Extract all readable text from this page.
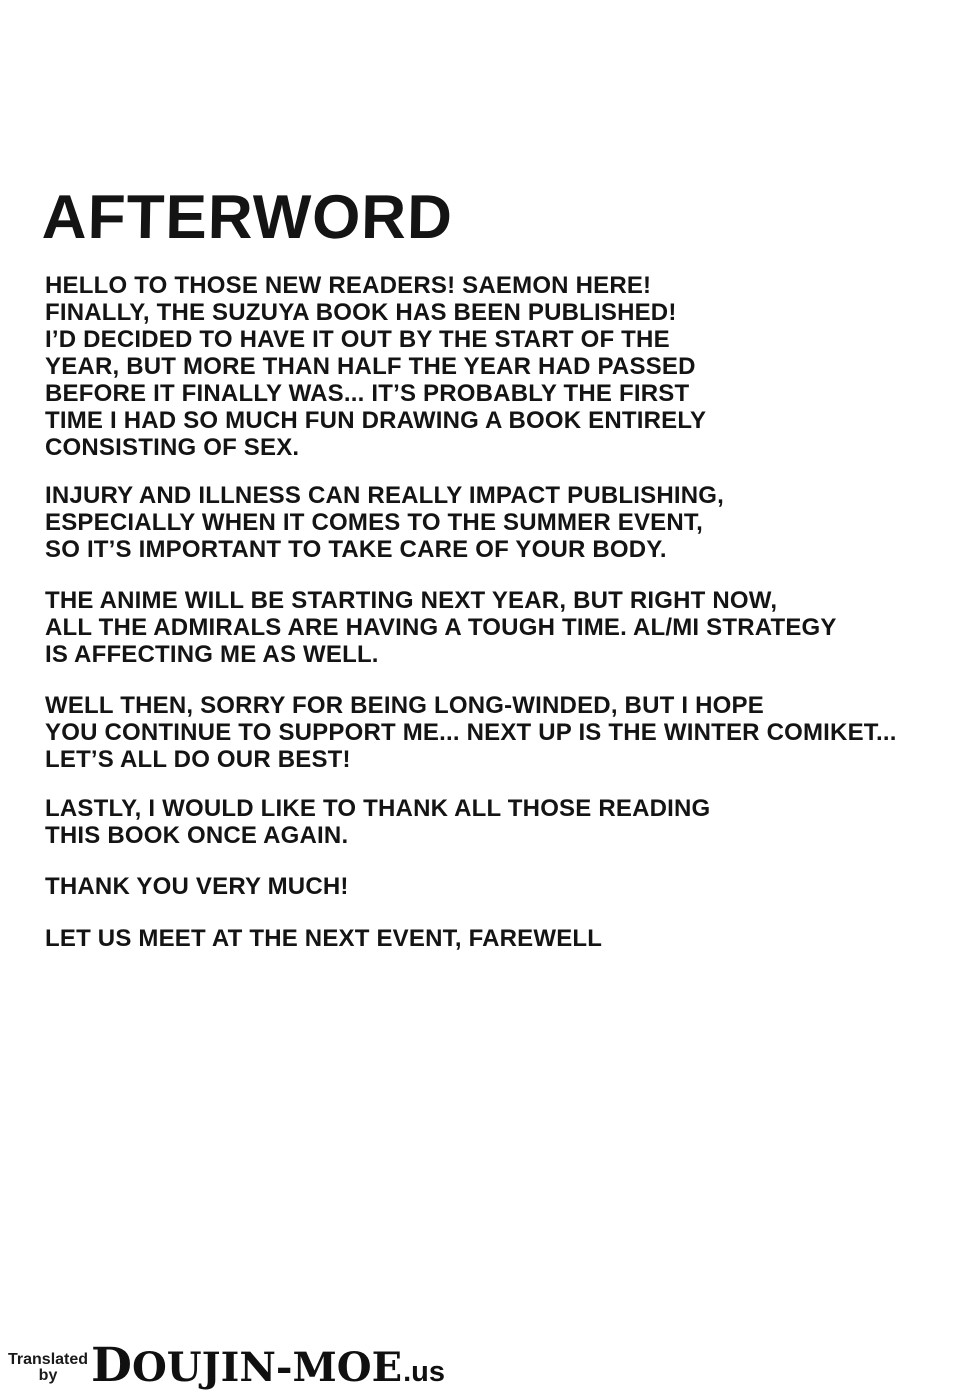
AFTERWORD
HELLO TO THOSE NEW READERS! SAEMON HERE!
FINALLY, THE SUZUYA BOOK HAS BEEN PUBLISHED!
I’D DECIDED TO HAVE IT OUT BY THE START OF THE
YEAR, BUT MORE THAN HALF THE YEAR HAD PASSED
BEFORE IT FINALLY WAS... IT’S PROBABLY THE FIRST
TIME I HAD SO MUCH FUN DRAWING A BOOK ENTIRELY
CONSISTING OF SEX.
INJURY AND ILLNESS CAN REALLY IMPACT PUBLISHING,
ESPECIALLY WHEN IT COMES TO THE SUMMER EVENT,
SO IT’S IMPORTANT TO TAKE CARE OF YOUR BODY.
THE ANIME WILL BE STARTING NEXT YEAR, BUT RIGHT NOW,
ALL THE ADMIRALS ARE HAVING A TOUGH TIME. AL/MI STRATEGY
IS AFFECTING ME AS WELL.
WELL THEN, SORRY FOR BEING LONG-WINDED, BUT I HOPE
YOU CONTINUE TO SUPPORT ME... NEXT UP IS THE WINTER COMIKET...
LET’S ALL DO OUR BEST!
LASTLY, I WOULD LIKE TO THANK ALL THOSE READING
THIS BOOK ONCE AGAIN.
THANK YOU VERY MUCH!
LET US MEET AT THE NEXT EVENT, FAREWELL
Translated
by DOUJIN-MOE .us
